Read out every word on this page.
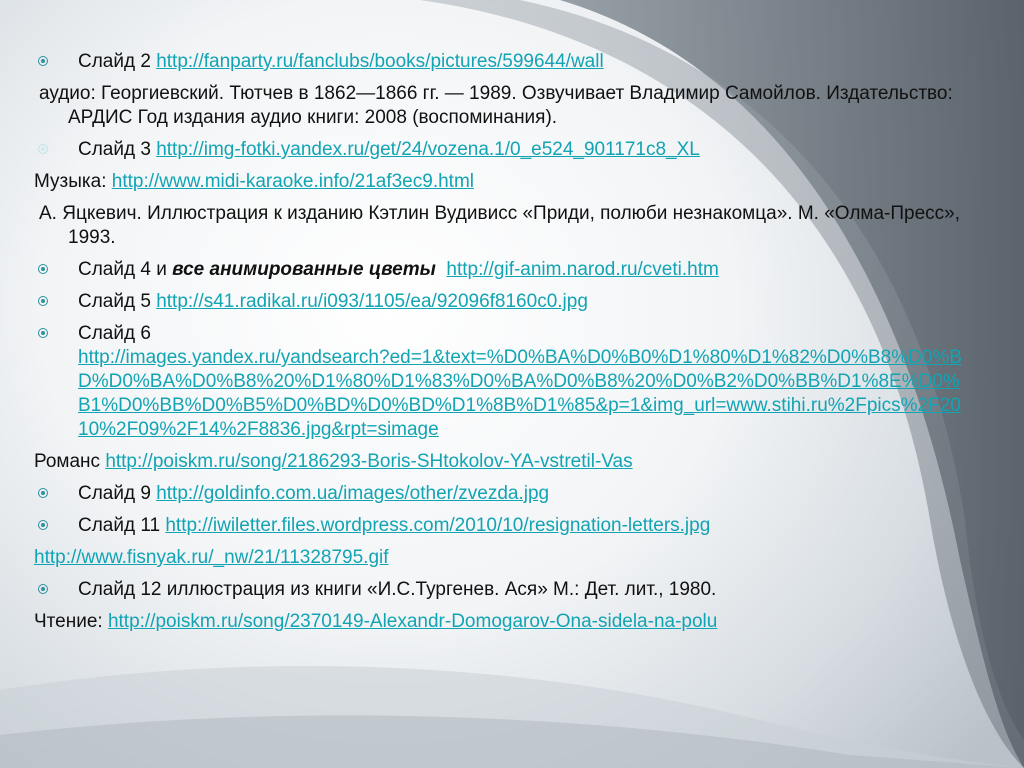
Слайд 2 http://fanparty.ru/fanclubs/books/pictures/599644/wall
аудио: Георгиевский. Тютчев в 1862—1866 гг. — 1989. Озвучивает Владимир Самойлов. Издательство: АРДИС Год издания аудио книги: 2008 (воспоминания).
Слайд 3 http://img-fotki.yandex.ru/get/24/vozena.1/0_e524_901171c8_XL
Музыка: http://www.midi-karaoke.info/21af3ec9.html
А. Яцкевич. Иллюстрация к изданию Кэтлин Вудивисс «Приди, полюби незнакомца». М. «Олма-Пресс», 1993.
Слайд 4 и все анимированные цветы http://gif-anim.narod.ru/cveti.htm
Слайд 5 http://s41.radikal.ru/i093/1105/ea/92096f8160c0.jpg
Слайд 6
http://images.yandex.ru/yandsearch?ed=1&text=%D0%BA%D0%B0%D1%80%D1%82%D0%B8%D0%BD%D0%BA%D0%B8%20%D1%80%D1%83%D0%BA%D0%B8%20%D0%B2%D0%BB%D1%8E%D0%B1%D0%BB%D0%B5%D0%BD%D0%BD%D1%8B%D1%85&p=1&img_url=www.stihi.ru%2Fpics%2F2010%2F09%2F14%2F8836.jpg&rpt=simage
Романс http://poiskm.ru/song/2186293-Boris-SHtokolov-YA-vstretil-Vas
Слайд 9 http://goldinfo.com.ua/images/other/zvezda.jpg
Слайд 11 http://iwiletter.files.wordpress.com/2010/10/resignation-letters.jpg
http://www.fisnyak.ru/_nw/21/11328795.gif
Слайд 12 иллюстрация из книги «И.С.Тургенев. Ася» М.: Дет. лит., 1980.
Чтение: http://poiskm.ru/song/2370149-Alexandr-Domogarov-Ona-sidela-na-polu
